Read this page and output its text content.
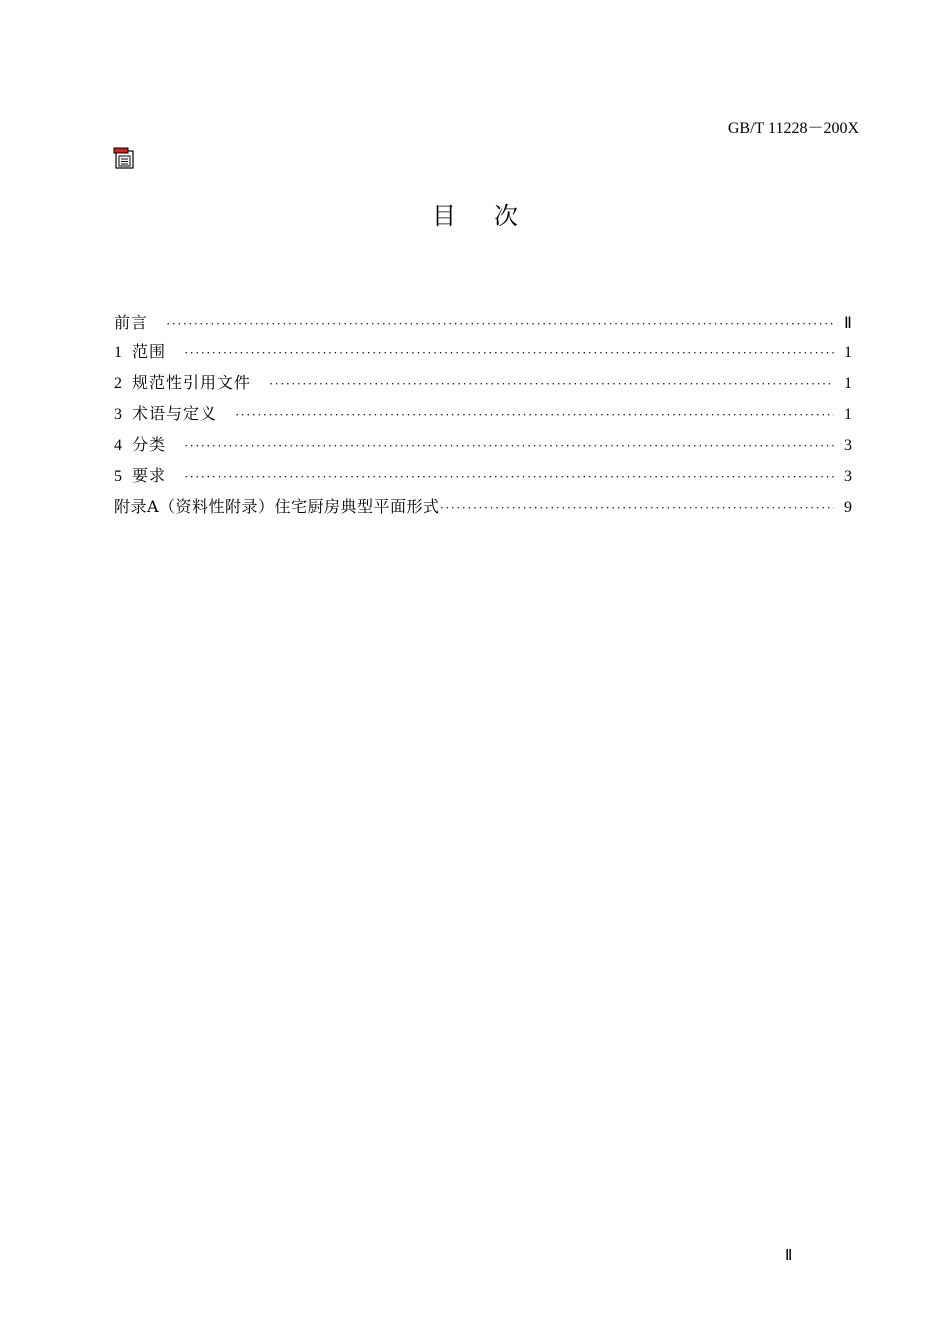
GB/T 11228－200X
目次
前言 ·····	Ⅱ
1 范围 ·····	1
2 规范性引用文件 ·····	1
3 术语与定义 ·····	1
4 分类 ·····	3
5 要求 ·····	3
附录A（资料性附录）住宅厨房典型平面形式 ·····	9
Ⅱ
